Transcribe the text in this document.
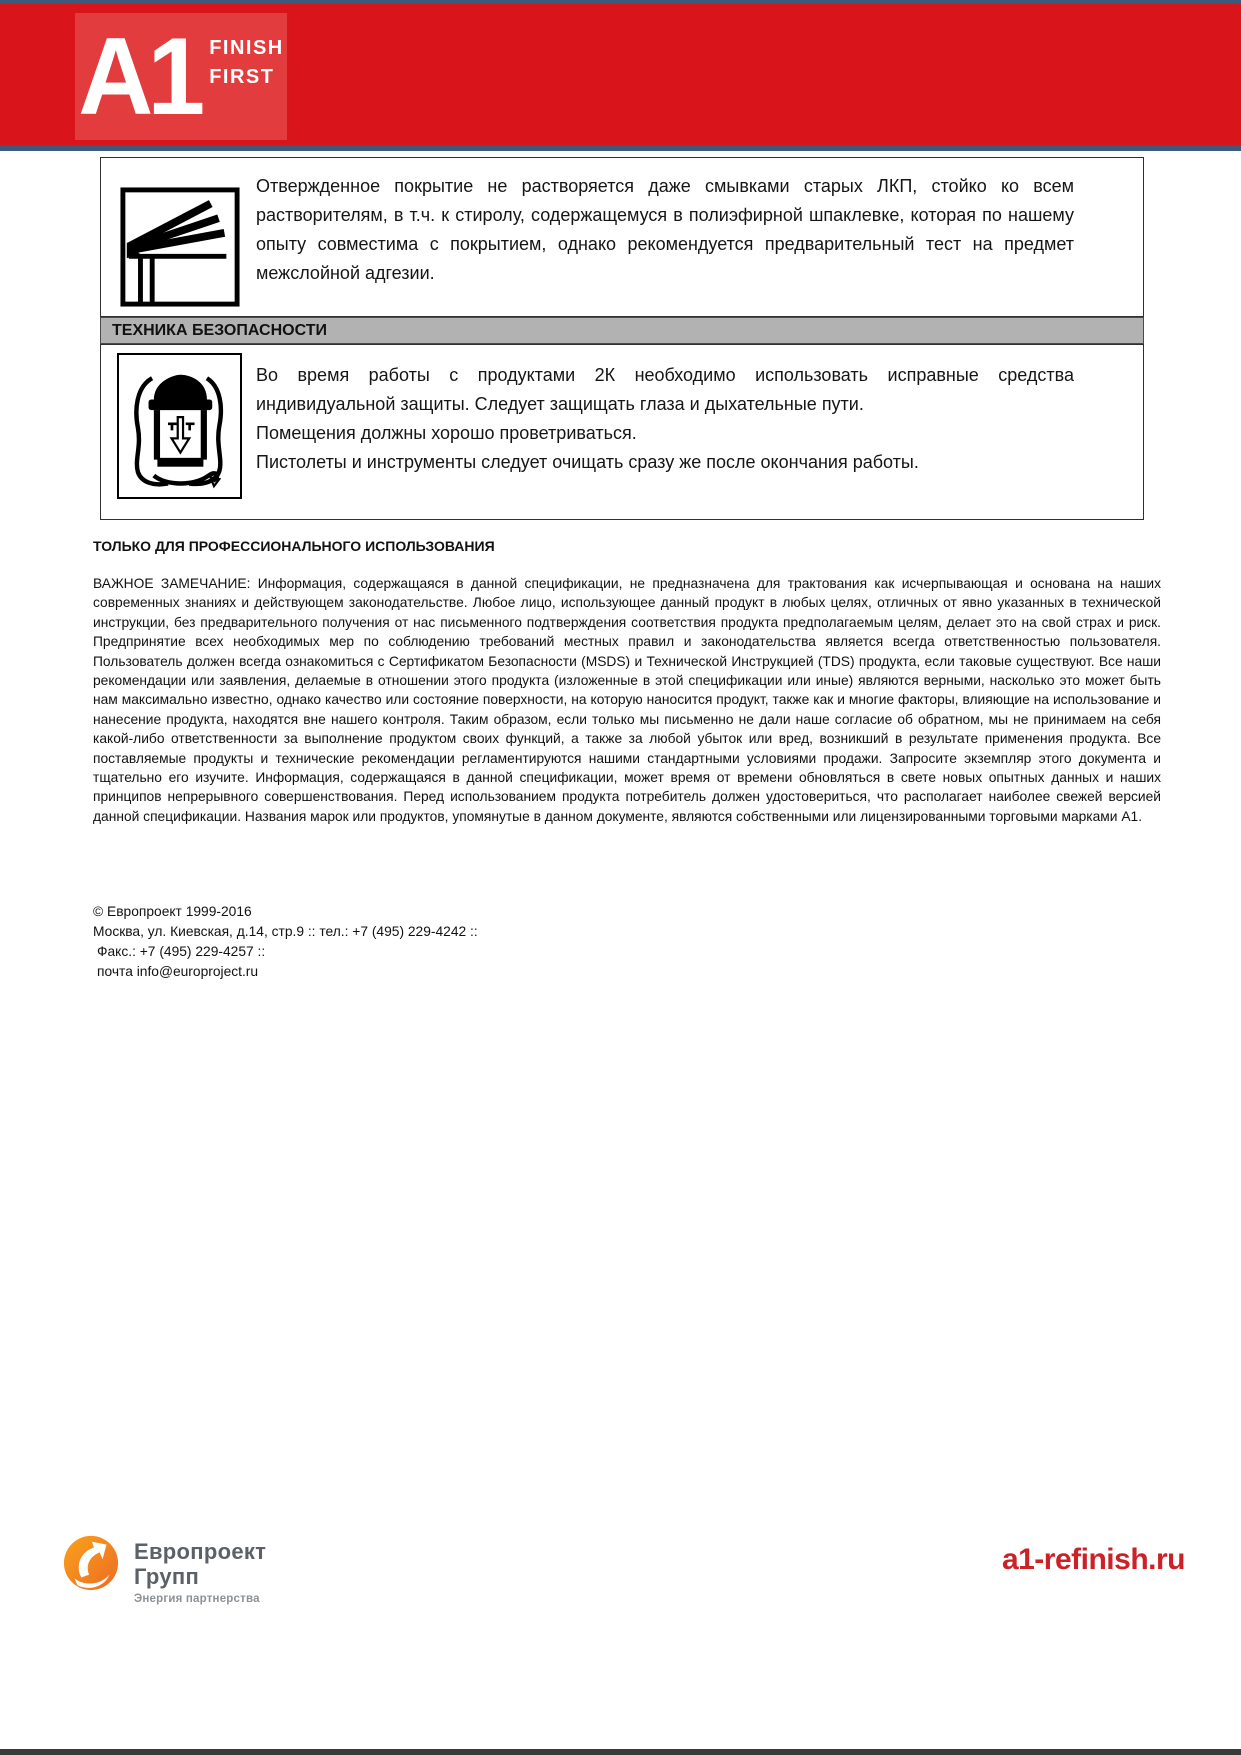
A1 FINISH
FIRST
Отвержденное покрытие не растворяется даже смывками старых ЛКП, стойко ко всем растворителям, в т.ч. к стиролу, содержащемуся в полиэфирной шпаклевке, которая по нашему опыту совместима с покрытием, однако рекомендуется предварительный тест на предмет межслойной адгезии.
ТЕХНИКА БЕЗОПАСНОСТИ
Во время работы с продуктами 2К необходимо использовать исправные средства индивидуальной защиты. Следует защищать глаза и дыхательные пути.
Помещения должны хорошо проветриваться.
Пистолеты и инструменты следует очищать сразу же после окончания работы.
ТОЛЬКО ДЛЯ ПРОФЕССИОНАЛЬНОГО ИСПОЛЬЗОВАНИЯ
ВАЖНОЕ ЗАМЕЧАНИЕ: Информация, содержащаяся в данной спецификации, не предназначена для трактования как исчерпывающая и основана на наших современных знаниях и действующем законодательстве. Любое лицо, использующее данный продукт в любых целях, отличных от явно указанных в технической инструкции, без предварительного получения от нас письменного подтверждения соответствия продукта предполагаемым целям, делает это на свой страх и риск. Предпринятие всех необходимых мер по соблюдению требований местных правил и законодательства является всегда ответственностью пользователя. Пользователь должен всегда ознакомиться с Сертификатом Безопасности (MSDS) и Технической Инструкцией (TDS) продукта, если таковые существуют. Все наши рекомендации или заявления, делаемые в отношении этого продукта (изложенные в этой спецификации или иные) являются верными, насколько это может быть нам максимально известно, однако качество или состояние поверхности, на которую наносится продукт, также как и многие факторы, влияющие на использование и нанесение продукта, находятся вне нашего контроля. Таким образом, если только мы письменно не дали наше согласие об обратном, мы не принимаем на себя какой-либо ответственности за выполнение продуктом своих функций, а также за любой убыток или вред, возникший в результате применения продукта. Все поставляемые продукты и технические рекомендации регламентируются нашими стандартными условиями продажи. Запросите экземпляр этого документа и тщательно его изучите. Информация, содержащаяся в данной спецификации, может время от времени обновляться в свете новых опытных данных и наших принципов непрерывного совершенствования. Перед использованием продукта потребитель должен удостовериться, что располагает наиболее свежей версией данной спецификации. Названия марок или продуктов, упомянутые в данном документе, являются собственными или лицензированными торговыми марками А1.
© Европроект 1999-2016
Москва, ул. Киевская, д.14, стр.9 :: тел.: +7 (495) 229-4242 ::
Факс.: +7 (495) 229-4257 ::
почта info@europroject.ru
Европроект
Групп
Энергия партнерства
a1-refinish.ru
